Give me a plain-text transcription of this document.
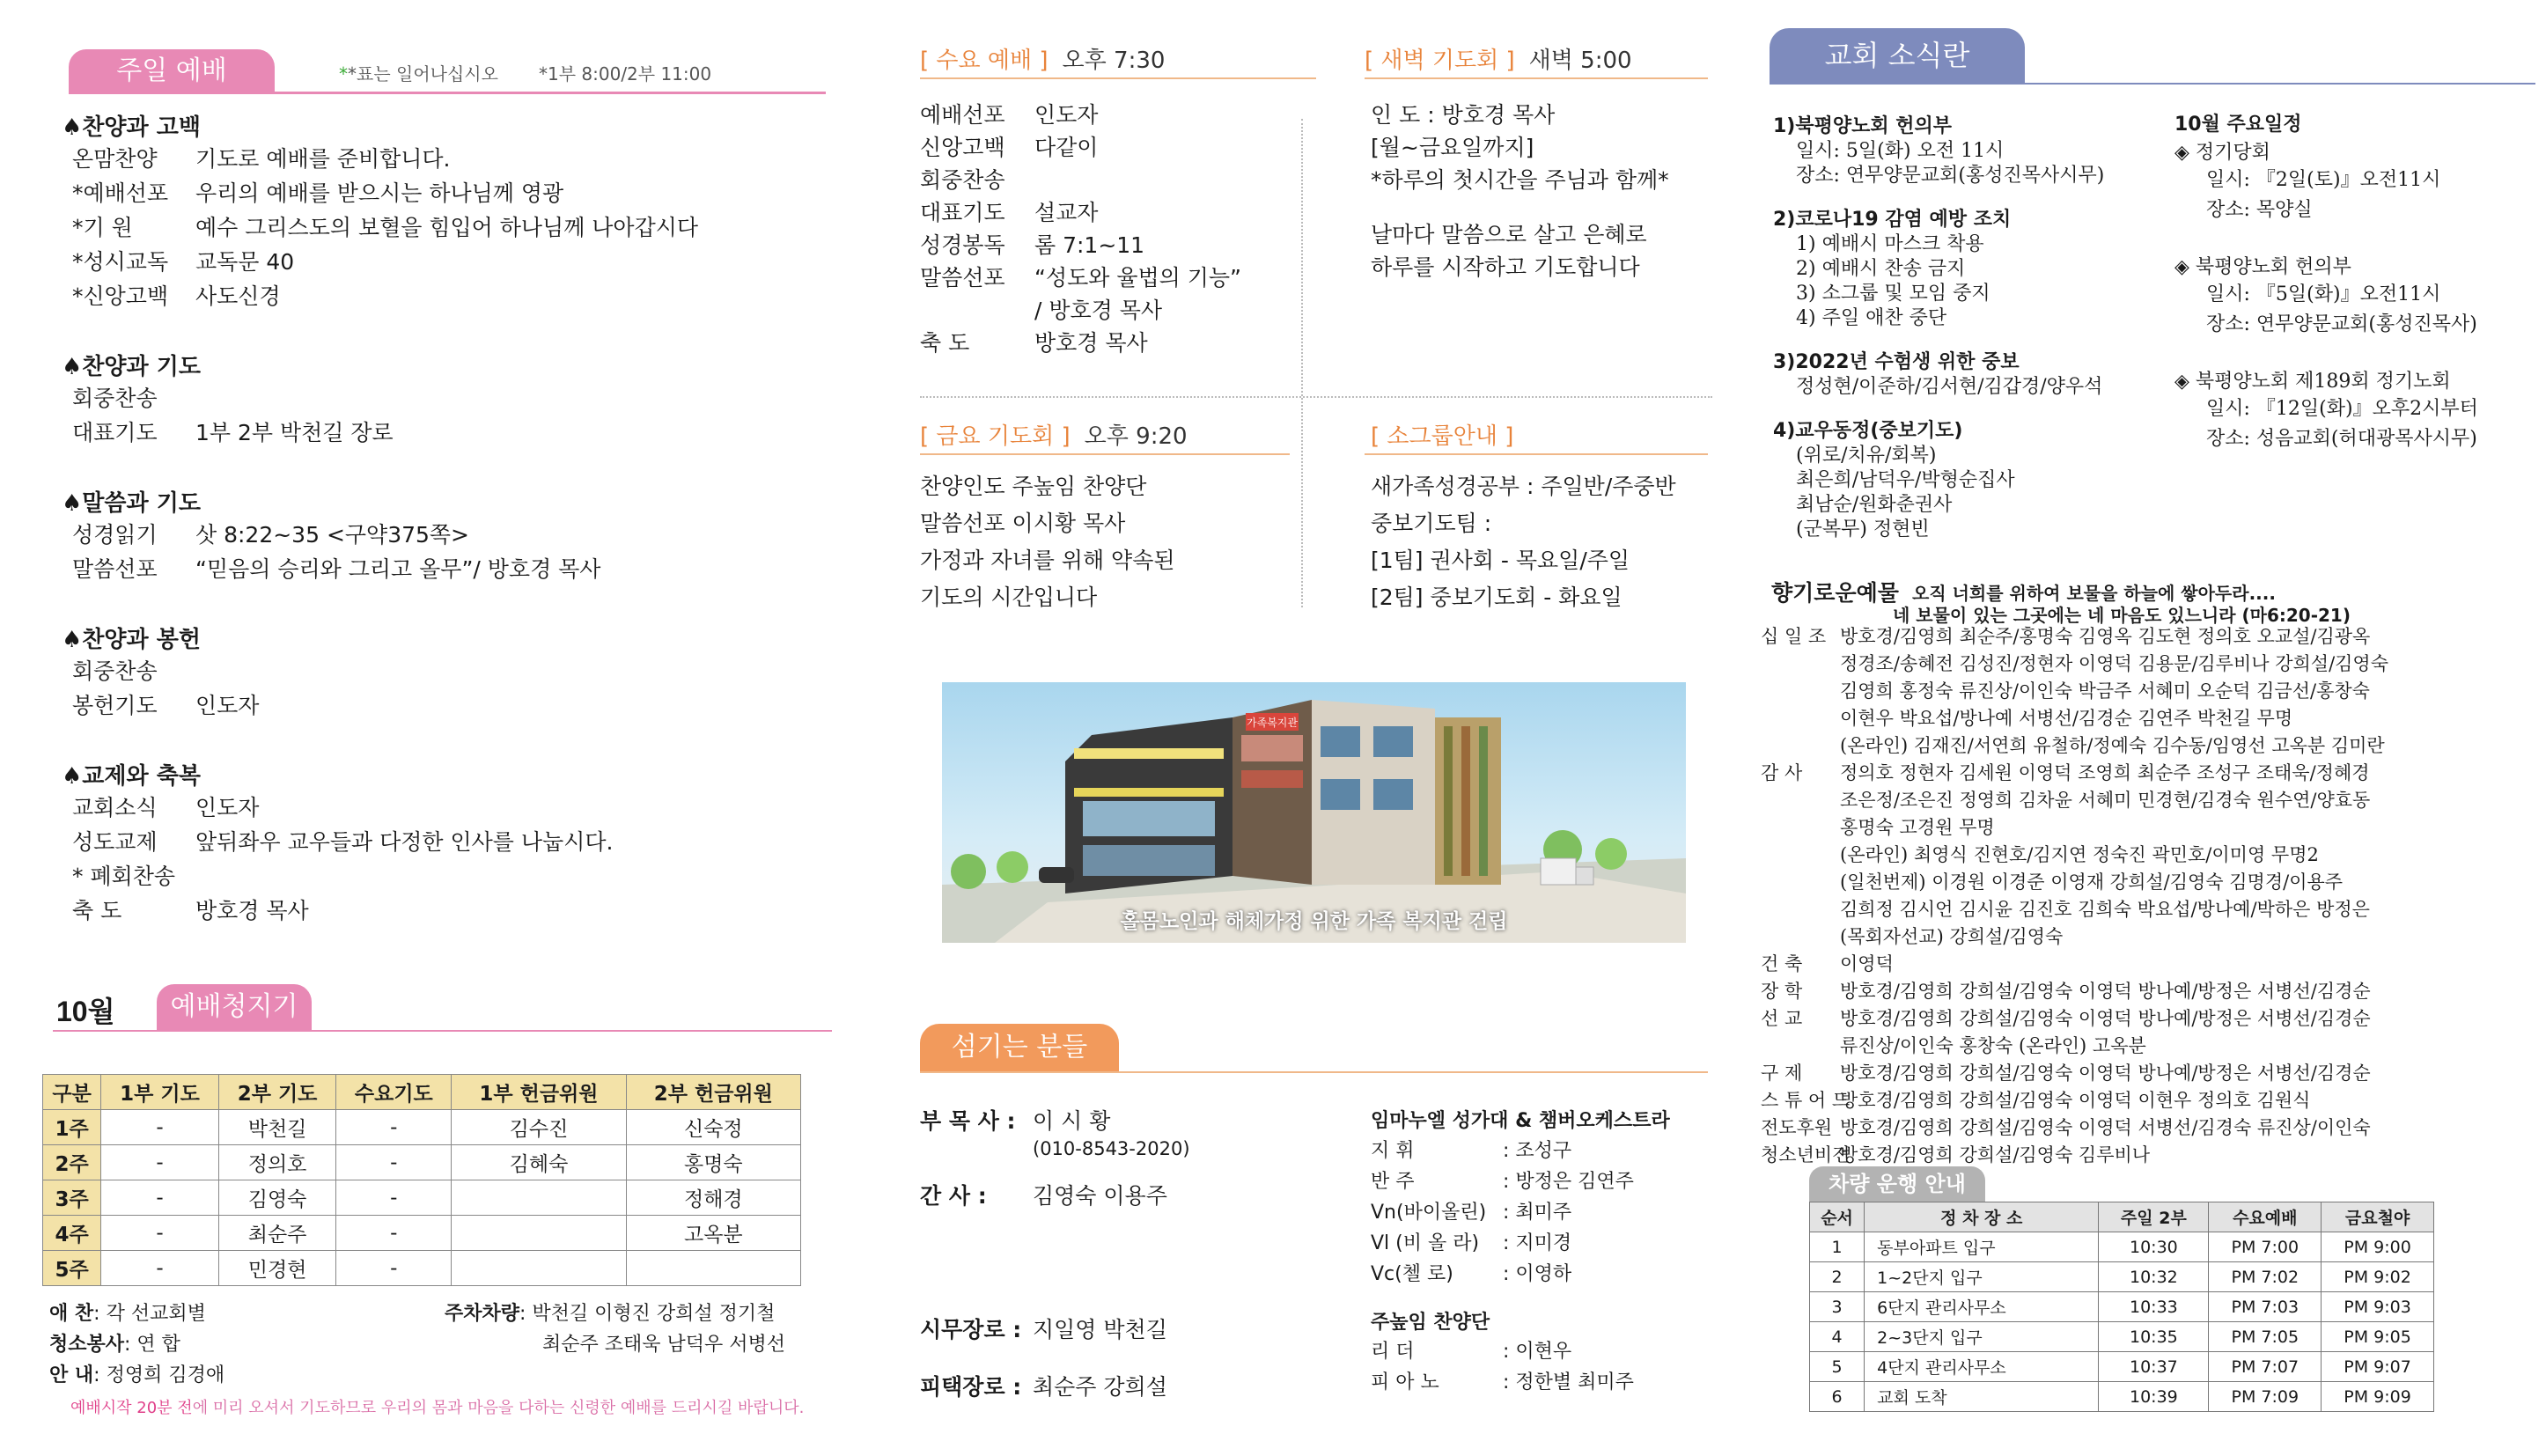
주일 예배	**표는 일어나십시오 *1부 8:00/2부 11:00
♠찬양과 고백
온맘찬양	기도로 예배를 준비합니다.
*예배선포	우리의 예배를 받으시는 하나님께 영광
*기 원	예수 그리스도의 보혈을 힘입어 하나님께 나아갑시다
*성시교독	교독문 40
*신앙고백	사도신경
♠찬양과 기도
회중찬송
대표기도	1부 2부 박천길 장로
♠말씀과 기도
성경읽기	삿 8:22~35 <구약375쪽>
말씀선포	“믿음의 승리와 그리고 올무”/ 방호경 목사
♠찬양과 봉헌
회중찬송
봉헌기도	인도자
♠교제와 축복
교회소식	인도자
성도교제	앞뒤좌우 교우들과 다정한 인사를 나눕시다.
* 폐회찬송
축 도	방호경 목사
10월	예배청지기
구분	1부 기도	2부 기도	수요기도	1부 헌금위원	2부 헌금위원
1주	-	박천길	-	김수진	신숙정
2주	-	정의호	-	김혜숙	홍명숙
3주	-	김영숙	-		정해경
4주	-	최순주	-		고옥분
5주	-	민경현	-		
애 찬: 각 선교회별
청소봉사: 연 합
안 내: 정영희 김경애
주차차량: 박천길 이형진 강희설 정기철
최순주 조태욱 남덕우 서병선
예배시작 20분 전에 미리 오셔서 기도하므로 우리의 몸과 마음을 다하는 신령한 예배를 드리시길 바랍니다.
[ 수요 예배 ] 오후 7:30
예배선포	인도자
신앙고백	다같이
회중찬송
대표기도	설교자
성경봉독	롬 7:1~11
말씀선포	“성도와 율법의 기능”
/ 방호경 목사
축 도	방호경 목사
[ 새벽 기도회 ] 새벽 5:00
인 도 : 방호경 목사
[월~금요일까지]
*하루의 첫시간을 주님과 함께*
날마다 말씀으로 살고 은혜로
하루를 시작하고 기도합니다
[ 금요 기도회 ] 오후 9:20
찬양인도 주높임 찬양단
말씀선포 이시황 목사
가정과 자녀를 위해 약속된
기도의 시간입니다
[ 소그룹안내 ]
새가족성경공부 : 주일반/주중반
중보기도팀 :
[1팀] 권사회 - 목요일/주일
[2팀] 중보기도회 - 화요일
가족복지관
홀몸노인과 해체가정 위한 가족 복지관 건립
섬기는 분들
부 목 사 : 이 시 황
(010-8543-2020)
간 사 : 김영숙 이용주
시무장로 : 지일영 박천길
피택장로 : 최순주 강희설
임마누엘 성가대 & 챔버오케스트라
지 휘	: 조성구
반 주	: 방정은 김연주
Vn(바이올린) : 최미주
Vl (비 올 라)	: 지미경
Vc(첼 로)	: 이영하
주높임 찬양단
리 더	: 이현우
피 아 노	: 정한별 최미주
교회 소식란
1)북평양노회 헌의부
일시: 5일(화) 오전 11시
장소: 연무양문교회(홍성진목사시무)
2)코로나19 감염 예방 조치
1) 예배시 마스크 착용
2) 예배시 찬송 금지
3) 소그룹 및 모임 중지
4) 주일 애찬 중단
3)2022년 수험생 위한 중보
정성현/이준하/김서현/김갑경/양우석
4)교우동정(중보기도)
(위로/치유/회복)
최은희/남덕우/박형순집사
최남순/원화춘권사
(군복무) 정현빈
10월 주요일정
◈ 정기당회
일시: 『2일(토)』오전11시
장소: 목양실
◈ 북평양노회 헌의부
일시: 『5일(화)』오전11시
장소: 연무양문교회(홍성진목사)
◈ 북평양노회 제189회 정기노회
일시: 『12일(화)』오후2시부터
장소: 성음교회(허대광목사시무)
향기로운예물 오직 너희를 위하여 보물을 하늘에 쌓아두라....
네 보물이 있는 그곳에는 네 마음도 있느니라 (마6:20-21)
십 일 조 방호경/김영희 최순주/홍명숙 김영옥 김도현 정의호 오교설/김광옥
정경조/송혜전 김성진/정현자 이영덕 김용문/김루비나 강희설/김영숙
김영희 홍정숙 류진상/이인숙 박금주 서혜미 오순덕 김금선/홍창숙
이현우 박요섭/방나예 서병선/김경순 김연주 박천길 무명
(온라인) 김재진/서연희 유철하/정예숙 김수동/임영선 고옥분 김미란
감 사	정의호 정현자 김세원 이영덕 조영희 최순주 조성구 조태욱/정혜경
조은정/조은진 정영희 김차윤 서혜미 민경현/김경숙 원수연/양효동
홍명숙 고경원 무명
(온라인) 최영식 진현호/김지연 정숙진 곽민호/이미영 무명2
(일천번제) 이경원 이경준 이영재 강희설/김영숙 김명경/이용주
김희정 김시언 김시윤 김진호 김희숙 박요섭/방나예/박하은 방정은
(목회자선교) 강희설/김영숙
건 축	이영덕
장 학	방호경/김영희 강희설/김영숙 이영덕 방나예/방정은 서병선/김경순
선 교	방호경/김영희 강희설/김영숙 이영덕 방나예/방정은 서병선/김경순
류진상/이인숙 홍창숙 (온라인) 고옥분
구 제	방호경/김영희 강희설/김영숙 이영덕 방나예/방정은 서병선/김경순
스 튜 어 드
방호경/김영희 강희설/김영숙 이영덕 이현우 정의호 김원식
전도후원 방호경/김영희 강희설/김영숙 이영덕 서병선/김경숙 류진상/이인숙
청소년비전
방호경/김영희 강희설/김영숙 김루비나
차량 운행 안내
순서	정 차 장 소	주일 2부	수요예배	금요철야
1	동부아파트 입구	10:30	PM 7:00	PM 9:00
2	1~2단지 입구	10:32	PM 7:02	PM 9:02
3	6단지 관리사무소	10:33	PM 7:03	PM 9:03
4	2~3단지 입구	10:35	PM 7:05	PM 9:05
5	4단지 관리사무소	10:37	PM 7:07	PM 9:07
6	교회 도착	10:39	PM 7:09	PM 9:09
